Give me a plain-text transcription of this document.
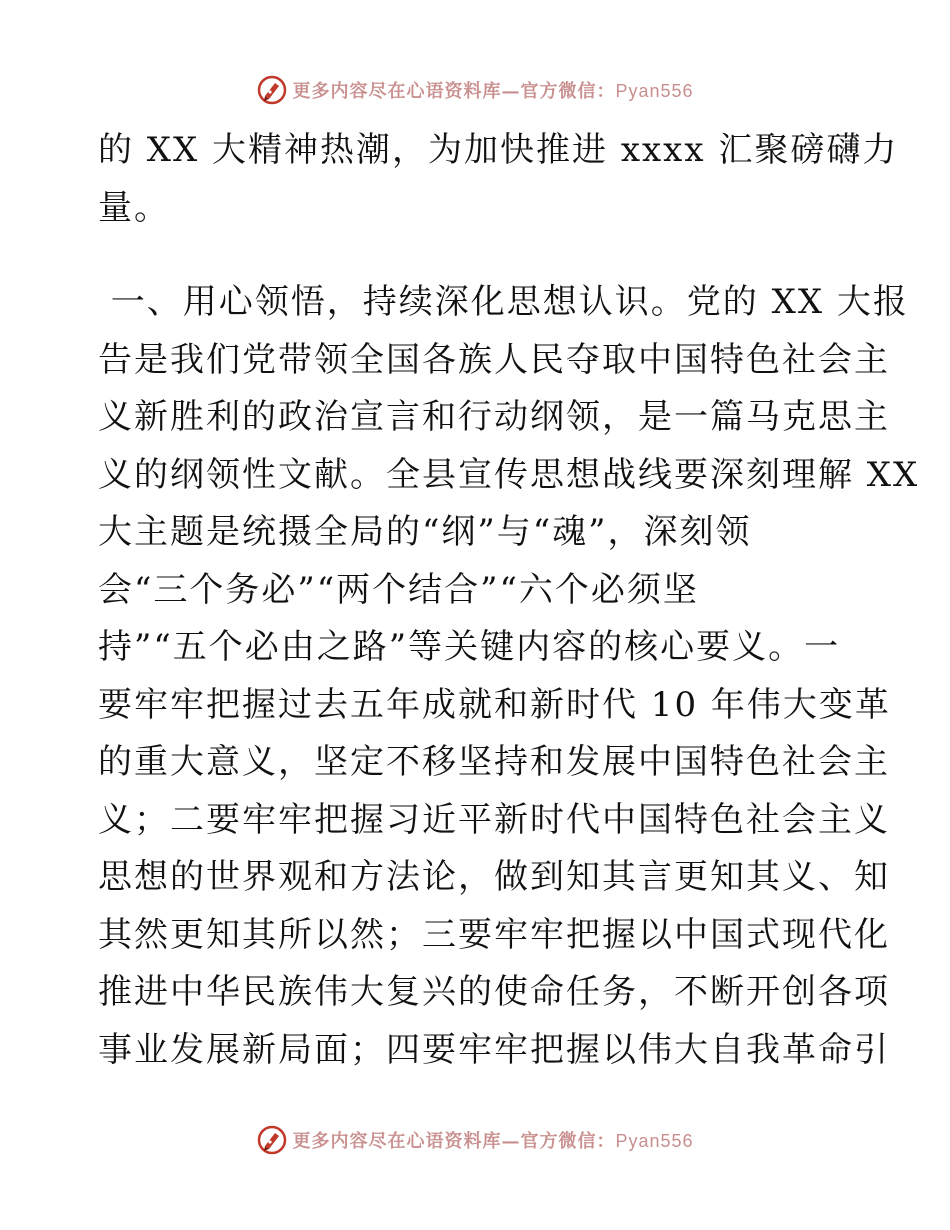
更多内容尽在心语资料库—官方微信：Pyan556
的 XX 大精神热潮，为加快推进 xxxx 汇聚磅礴力
量。
一、用心领悟，持续深化思想认识。党的 XX 大报
告是我们党带领全国各族人民夺取中国特色社会主
义新胜利的政治宣言和行动纲领，是一篇马克思主
义的纲领性文献。全县宣传思想战线要深刻理解 XX
大主题是统摄全局的“纲”与“魂”，深刻领
会“三个务必”“两个结合”“六个必须坚
持”“五个必由之路”等关键内容的核心要义。一
要牢牢把握过去五年成就和新时代 10 年伟大变革
的重大意义，坚定不移坚持和发展中国特色社会主
义；二要牢牢把握习近平新时代中国特色社会主义
思想的世界观和方法论，做到知其言更知其义、知
其然更知其所以然；三要牢牢把握以中国式现代化
推进中华民族伟大复兴的使命任务，不断开创各项
事业发展新局面；四要牢牢把握以伟大自我革命引
更多内容尽在心语资料库—官方微信：Pyan556
